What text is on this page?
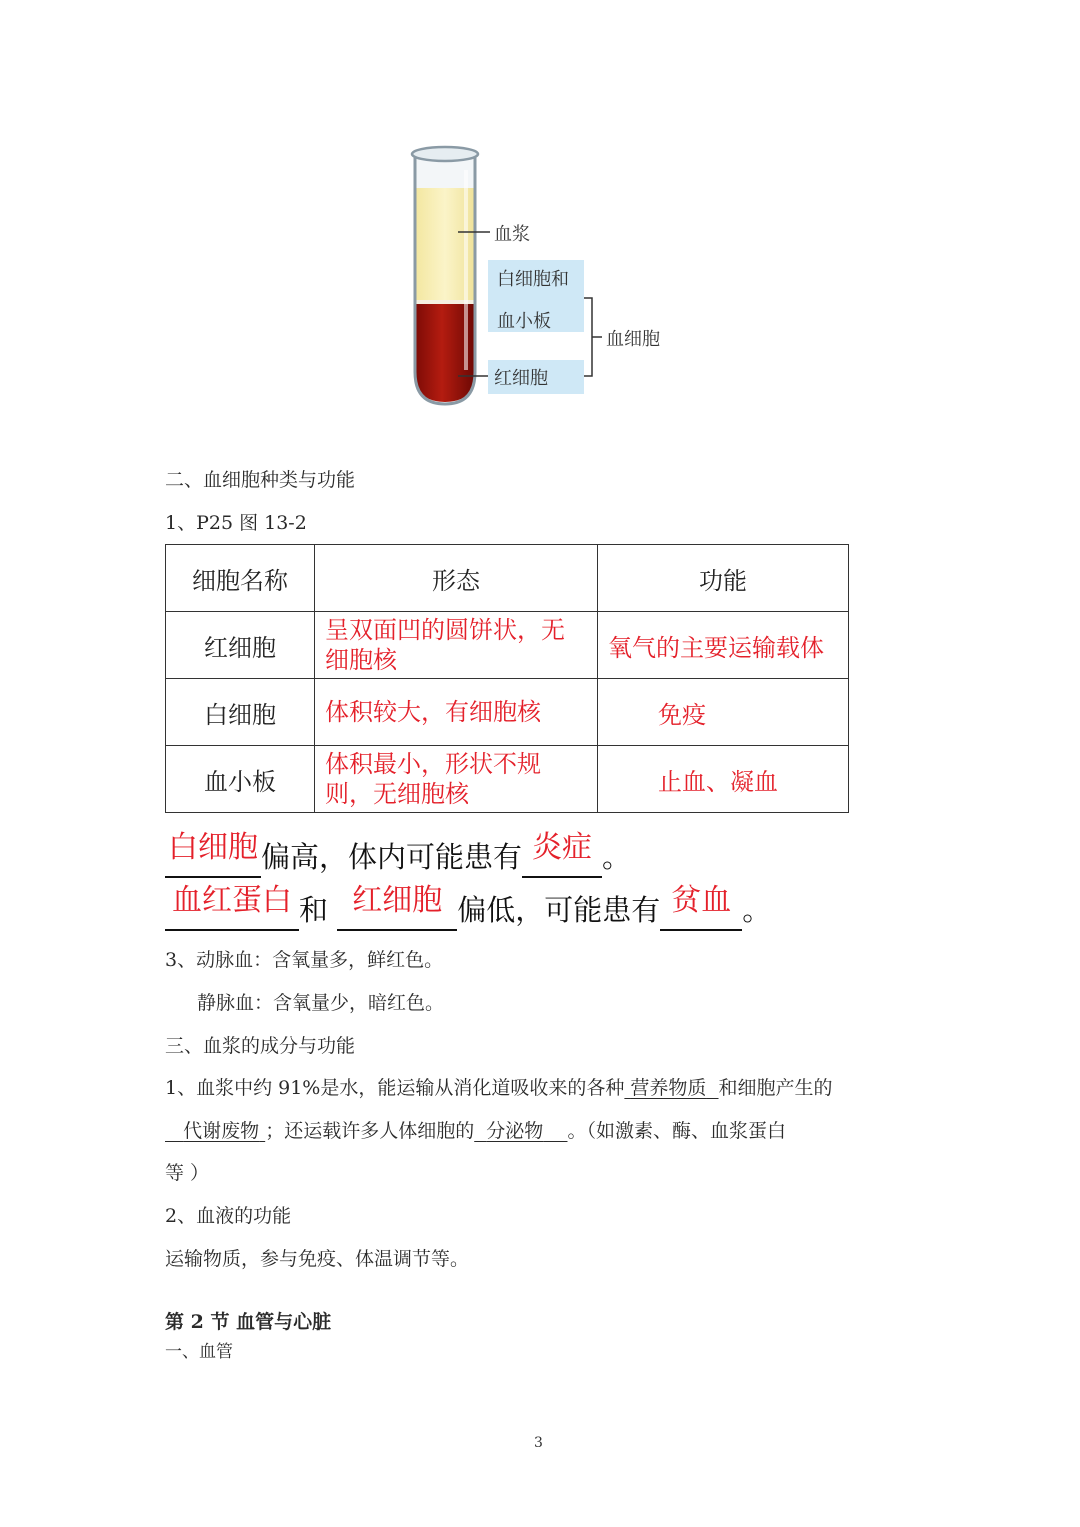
血浆
白细胞和
血小板
红细胞
血细胞
二、血细胞种类与功能
1、P25 图 13-2
细胞名称	形态	功能
红细胞	呈双面凹的圆饼状，无细胞核	氧气的主要运输载体
白细胞	体积较大，有细胞核	免疫
血小板	体积最小，形状不规则，无细胞核	止血、凝血
白细胞 偏高，体内可能患有 炎症 。
血红蛋白 和 红细胞 偏低，可能患有 贫血 。
3、动脉血：含氧量多，鲜红色。
静脉血：含氧量少，暗红色。
三、血浆的成分与功能
1、血浆中约 91%是水，能运输从消化道吸收来的各种 营养物质 和细胞产生的
代谢废物 ；还运载许多人体细胞的 分泌物 。（如激素、酶、血浆蛋白
等 ）
2、血液的功能
运输物质，参与免疫、体温调节等。
第 2 节 血管与心脏
一、血管
3
